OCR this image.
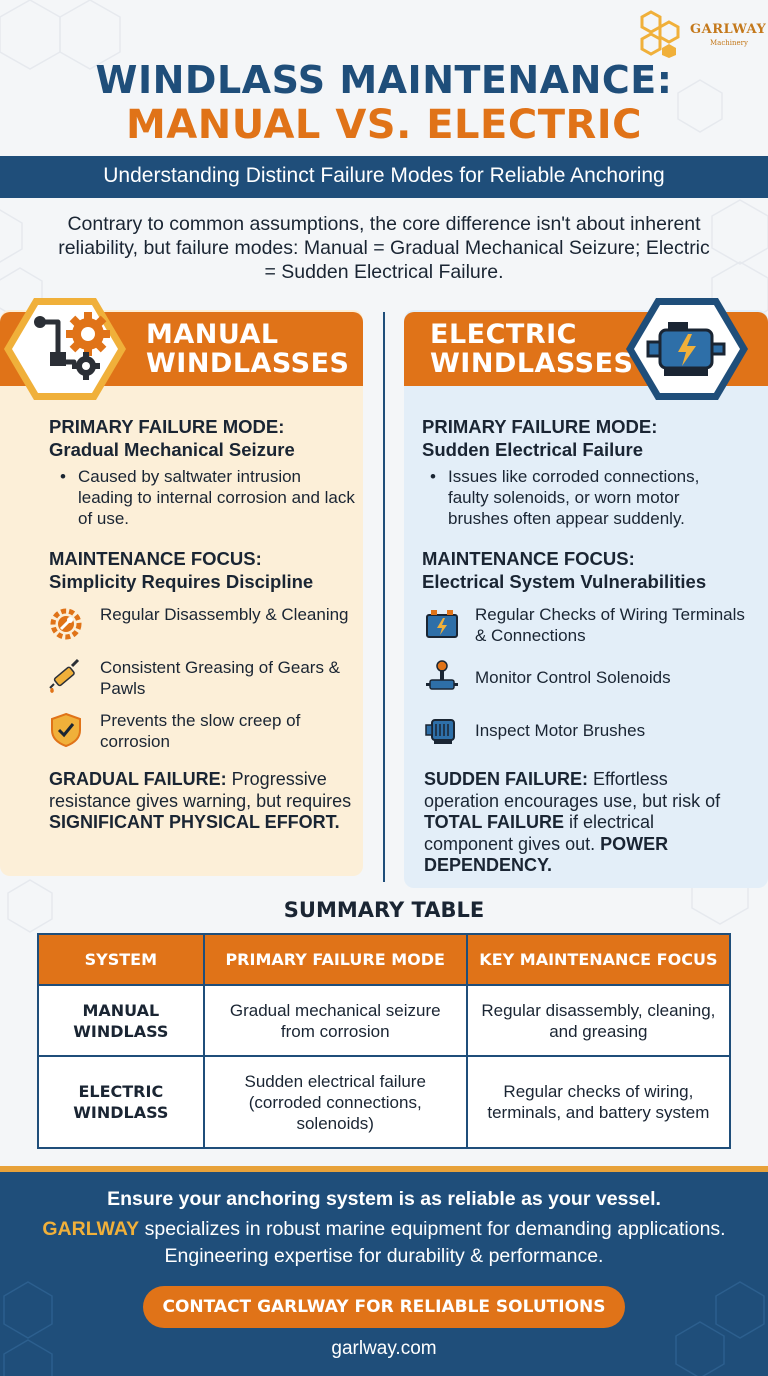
GARLWAY
Machinery
WINDLASS MAINTENANCE:
MANUAL VS. ELECTRIC
Understanding Distinct Failure Modes for Reliable Anchoring
Contrary to common assumptions, the core difference isn't about inherent reliability, but failure modes: Manual = Gradual Mechanical Seizure; Electric = Sudden Electrical Failure.
MANUAL
WINDLASSES
ELECTRIC
WINDLASSES
PRIMARY FAILURE MODE:
Gradual Mechanical Seizure
• Caused by saltwater intrusion leading to internal corrosion and lack of use.
MAINTENANCE FOCUS:
Simplicity Requires Discipline
Regular Disassembly & Cleaning
Consistent Greasing of Gears & Pawls
Prevents the slow creep of corrosion
GRADUAL FAILURE: Progressive resistance gives warning, but requires SIGNIFICANT PHYSICAL EFFORT.
PRIMARY FAILURE MODE:
Sudden Electrical Failure
• Issues like corroded connections, faulty solenoids, or worn motor brushes often appear suddenly.
MAINTENANCE FOCUS:
Electrical System Vulnerabilities
Regular Checks of Wiring Terminals & Connections
Monitor Control Solenoids
Inspect Motor Brushes
SUDDEN FAILURE: Effortless operation encourages use, but risk of TOTAL FAILURE if electrical component gives out. POWER DEPENDENCY.
SUMMARY TABLE
SYSTEM	PRIMARY FAILURE MODE	KEY MAINTENANCE FOCUS
MANUAL WINDLASS	Gradual mechanical seizure from corrosion	Regular disassembly, cleaning, and greasing
ELECTRIC WINDLASS	Sudden electrical failure (corroded connections, solenoids)	Regular checks of wiring, terminals, and battery system
Ensure your anchoring system is as reliable as your vessel.
GARLWAY specializes in robust marine equipment for demanding applications. Engineering expertise for durability & performance.
CONTACT GARLWAY FOR RELIABLE SOLUTIONS
garlway.com
